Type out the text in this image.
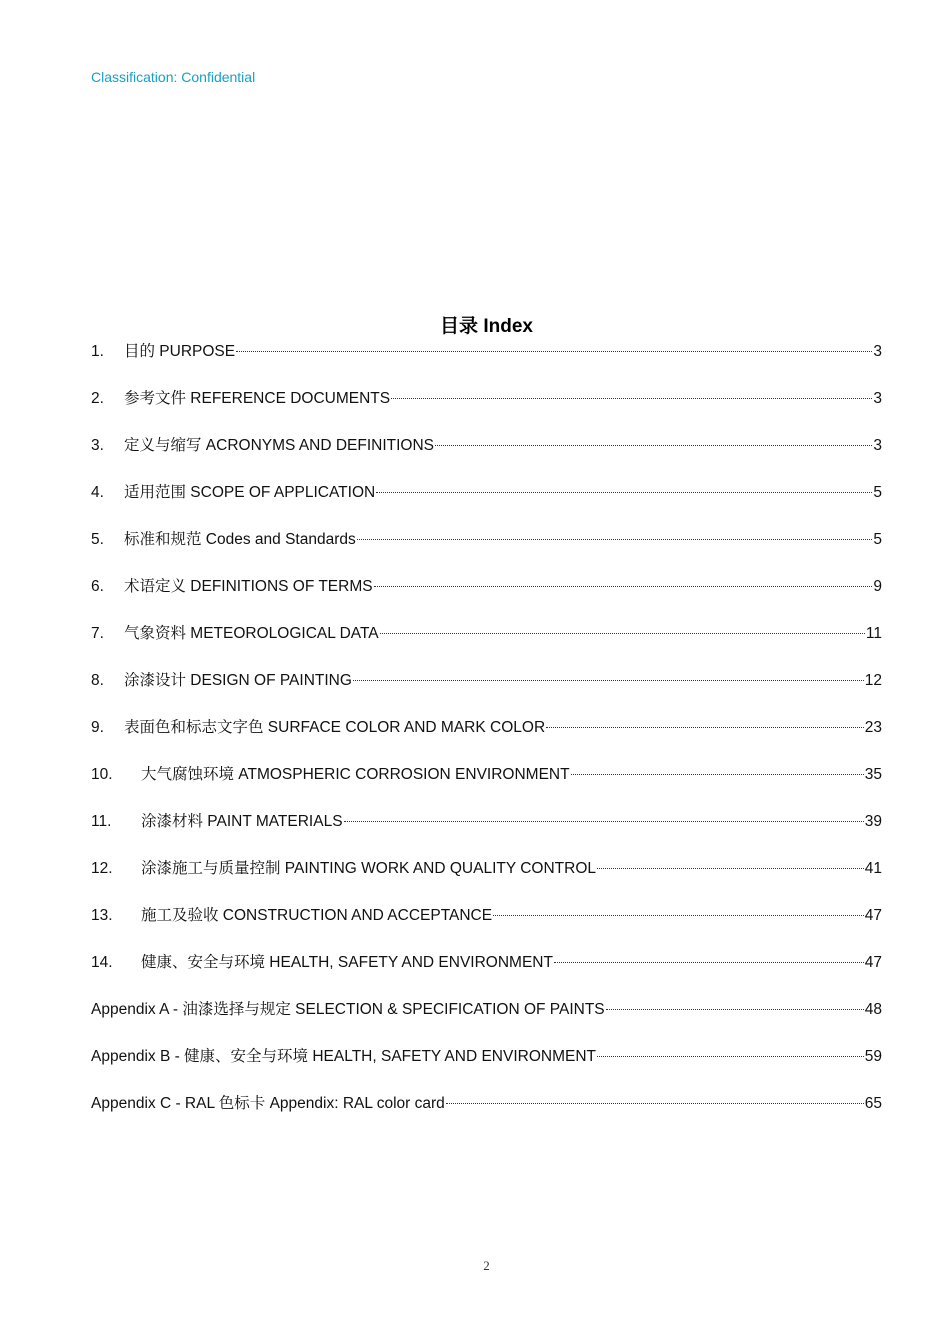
Classification: Confidential
目录 Index
1.	目的 PURPOSE	3
2.	参考文件 REFERENCE DOCUMENTS	3
3.	定义与缩写 ACRONYMS AND DEFINITIONS	3
4.	适用范围 SCOPE OF APPLICATION	5
5.	标准和规范 Codes and Standards	5
6.	术语定义 DEFINITIONS OF TERMS	9
7.	气象资料 METEOROLOGICAL DATA	11
8.	涂漆设计 DESIGN OF PAINTING	12
9.	表面色和标志文字色 SURFACE COLOR AND MARK COLOR	23
10.	大气腐蚀环境 ATMOSPHERIC CORROSION ENVIRONMENT	35
11.	涂漆材料 PAINT MATERIALS	39
12.	涂漆施工与质量控制 PAINTING WORK AND QUALITY CONTROL	41
13.	施工及验收 CONSTRUCTION AND ACCEPTANCE	47
14.	健康、安全与环境 HEALTH, SAFETY AND ENVIRONMENT	47
Appendix A - 油漆选择与规定 SELECTION & SPECIFICATION OF PAINTS	48
Appendix B - 健康、安全与环境 HEALTH, SAFETY AND ENVIRONMENT	59
Appendix C - RAL 色标卡 Appendix: RAL color card	65
2
